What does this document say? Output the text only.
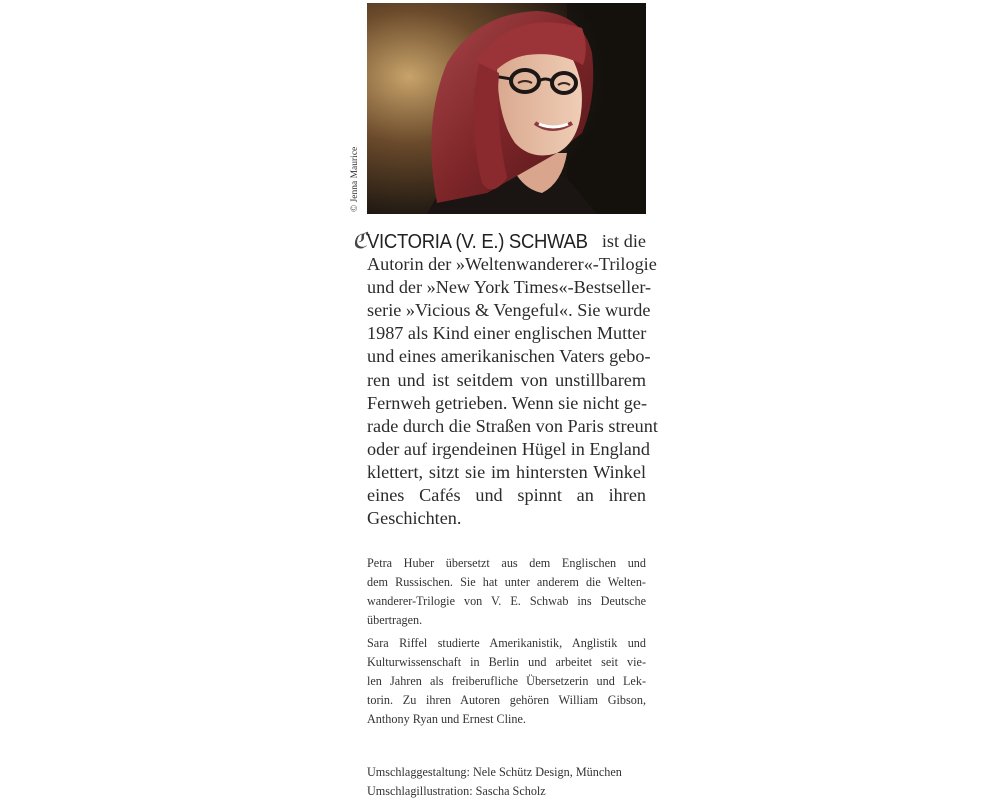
© Jenna Maurice
ℭVICTORIA (V. E.) SCHWAB ist die
Autorin der »Weltenwanderer«-Trilogie
und der »New York Times«-Bestseller-
serie »Vicious & Vengeful«. Sie wurde
1987 als Kind einer englischen Mutter
und eines amerikanischen Vaters gebo-
ren und ist seitdem von unstillbarem
Fernweh getrieben. Wenn sie nicht ge-
rade durch die Straßen von Paris streunt
oder auf irgendeinen Hügel in England
klettert, sitzt sie im hintersten Winkel
eines Cafés und spinnt an ihren
Geschichten.
Petra Huber übersetzt aus dem Englischen und
dem Russischen. Sie hat unter anderem die Welten-
wanderer-Trilogie von V. E. Schwab ins Deutsche
übertragen.
Sara Riffel studierte Amerikanistik, Anglistik und
Kulturwissenschaft in Berlin und arbeitet seit vie-
len Jahren als freiberufliche Übersetzerin und Lek-
torin. Zu ihren Autoren gehören William Gibson,
Anthony Ryan und Ernest Cline.
Umschlaggestaltung: Nele Schütz Design, München
Umschlagillustration: Sascha Scholz
